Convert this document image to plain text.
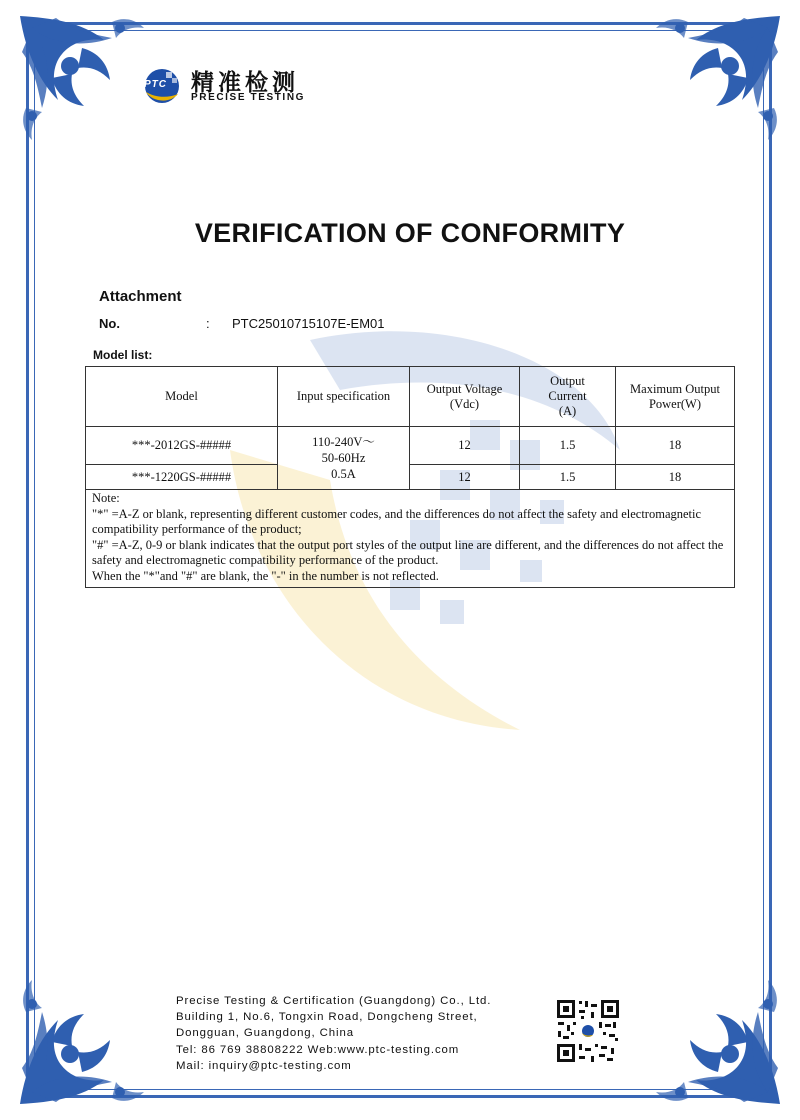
PTC 精准检测
PRECISE TESTING
VERIFICATION OF CONFORMITY
Attachment
No.	: PTC25010715107E-EM01
Model list:
Model	Input specification	Output Voltage (Vdc)	Output Current (A)	Maximum Output Power(W)
***-2012GS-#####	110-240V～
50-60Hz
0.5A	12	1.5	18
***-1220GS-#####		12	1.5	18

Note:
"*" =A-Z or blank, representing different customer codes, and the differences do not affect the safety and electromagnetic compatibility performance of the product;
"#" =A-Z, 0-9 or blank indicates that the output port styles of the output line are different, and the differences do not affect the safety and electromagnetic compatibility performance of the product.
When the "*"and "#" are blank, the "-" in the number is not reflected.				
Precise Testing & Certification (Guangdong) Co., Ltd.
Building 1, No.6, Tongxin Road, Dongcheng Street,
Dongguan, Guangdong, China
Tel: 86 769 38808222 Web:www.ptc-testing.com
Mail: inquiry@ptc-testing.com
